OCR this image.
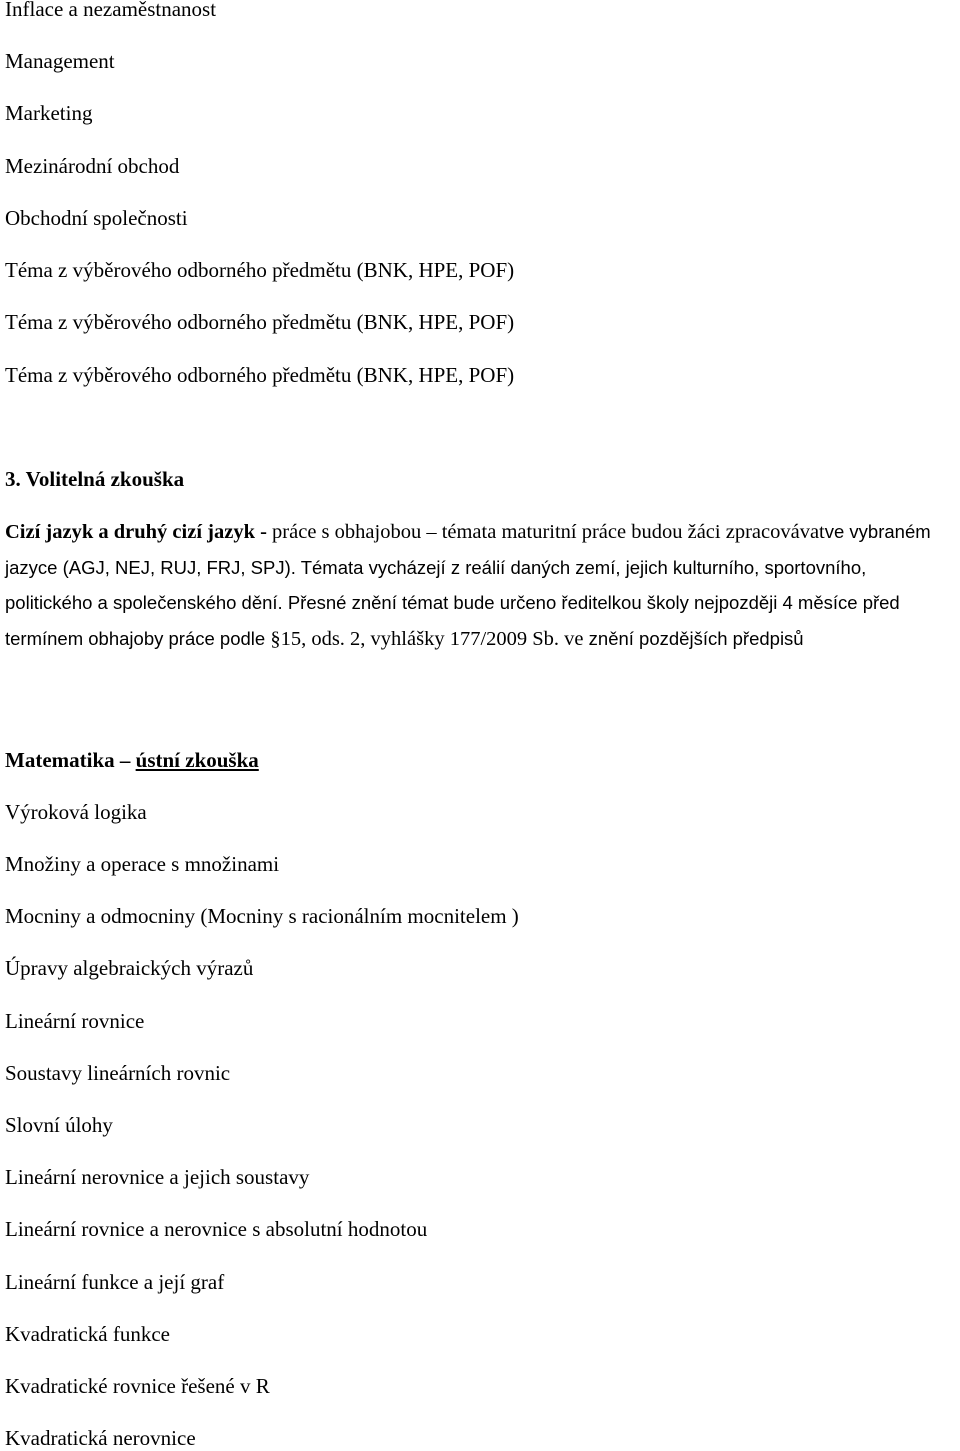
Inflace a nezaměstnanost
Management
Marketing
Mezinárodní obchod
Obchodní společnosti
Téma z výběrového odborného předmětu (BNK, HPE, POF)
Téma z výběrového odborného předmětu (BNK, HPE, POF)
Téma z výběrového odborného předmětu (BNK, HPE, POF)
3. Volitelná zkouška
Cizí jazyk a druhý cizí jazyk - práce s obhajobou – témata maturitní práce budou žáci zpracovávatve vybraném jazyce (AGJ, NEJ, RUJ, FRJ, SPJ). Témata vycházejí z reálií daných zemí, jejich kulturního, sportovního, politického a společenského dění. Přesné znění témat bude určeno ředitelkou školy nejpozději 4 měsíce před termínem obhajoby práce podle §15, ods. 2, vyhlášky 177/2009 Sb. ve znění pozdějších předpisů
Matematika – ústní zkouška
Výroková logika
Množiny a operace s množinami
Mocniny a odmocniny (Mocniny s racionálním mocnitelem )
Úpravy algebraických výrazů
Lineární rovnice
Soustavy lineárních rovnic
Slovní úlohy
Lineární nerovnice a jejich soustavy
Lineární rovnice a nerovnice s absolutní hodnotou
Lineární funkce a její graf
Kvadratická funkce
Kvadratické rovnice řešené v R
Kvadratická nerovnice
